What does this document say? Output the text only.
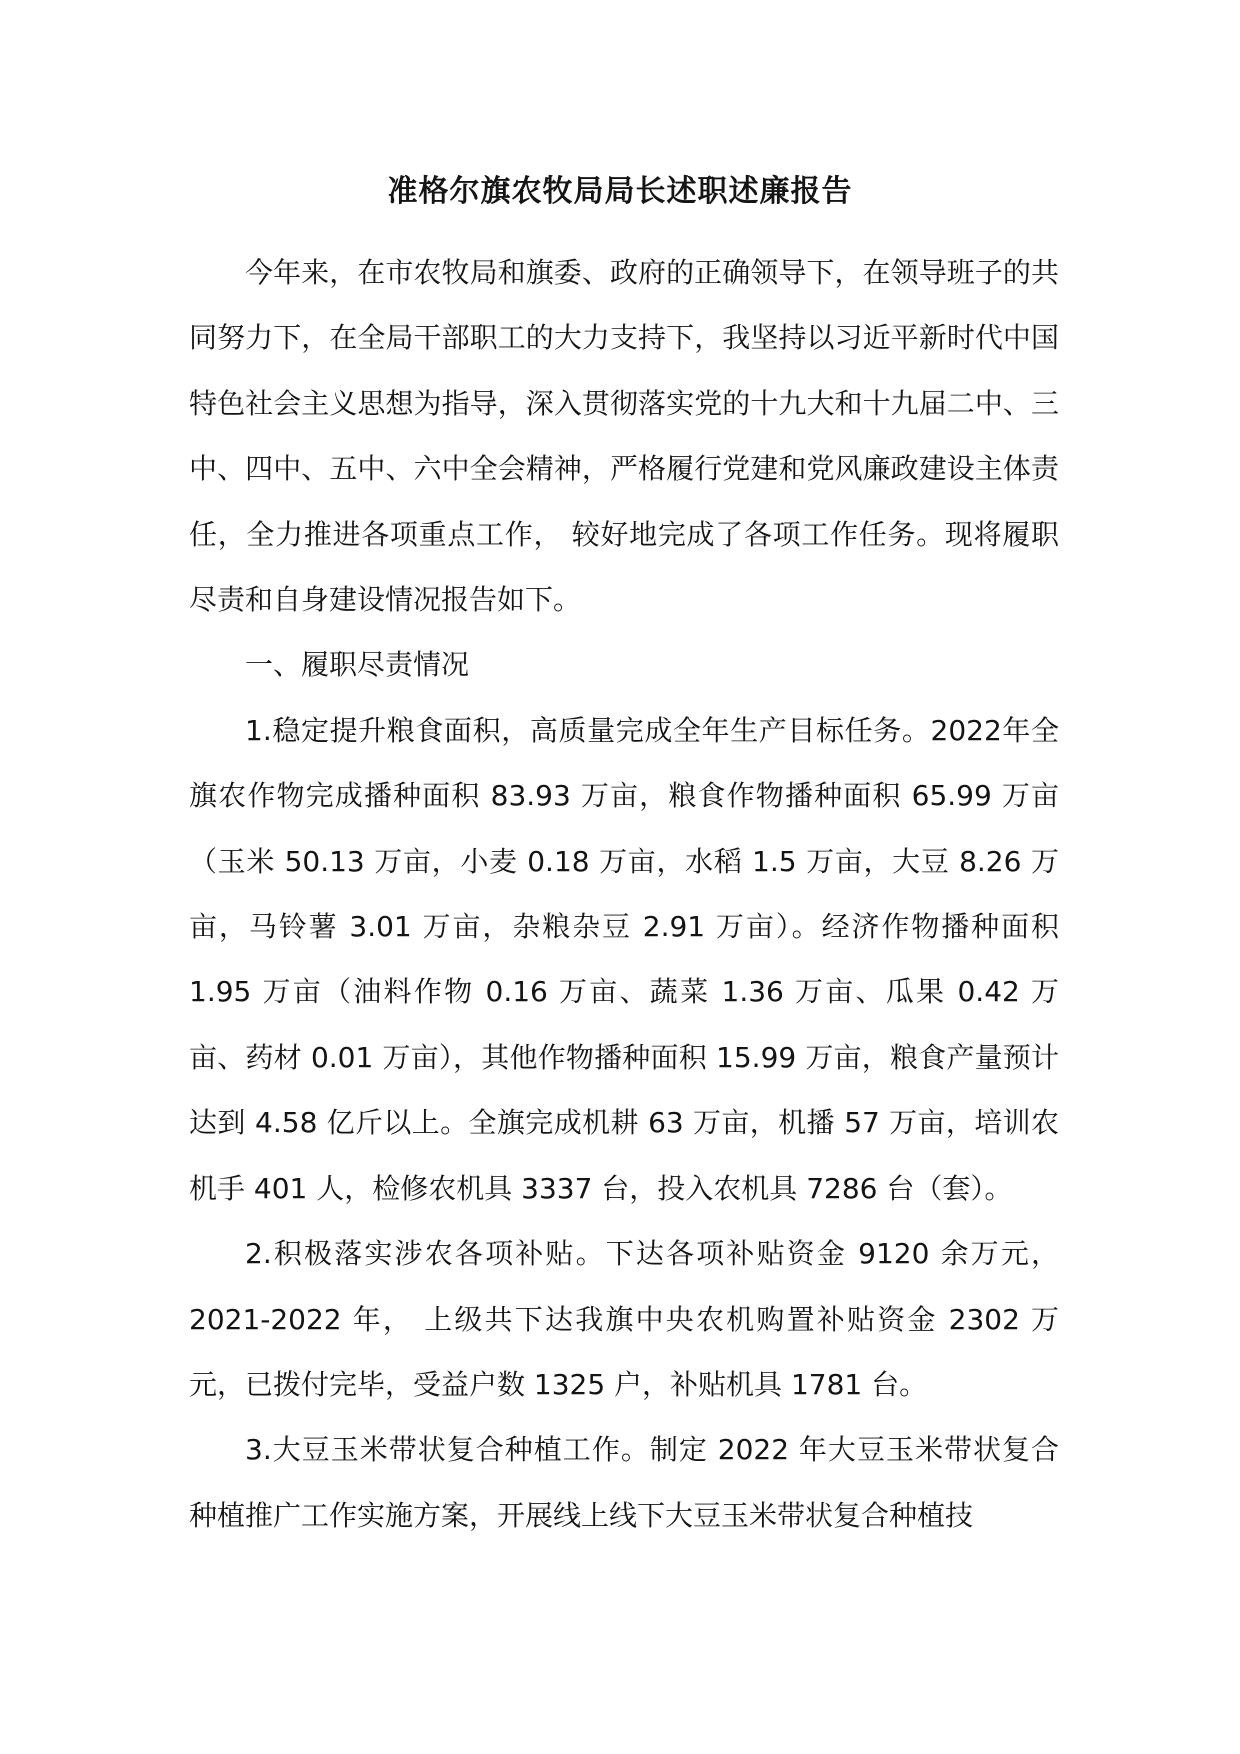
准格尔旗农牧局局长述职述廉报告

今年来，在市农牧局和旗委、政府的正确领导下，在领导班子的共同努力下，在全局干部职工的大力支持下，我坚持以习近平新时代中国特色社会主义思想为指导，深入贯彻落实党的十九大和十九届二中、三中、四中、五中、六中全会精神，严格履行党建和党风廉政建设主体责任，全力推进各项重点工作， 较好地完成了各项工作任务。现将履职尽责和自身建设情况报告如下。

一、履职尽责情况

1.稳定提升粮食面积，高质量完成全年生产目标任务。2022年全旗农作物完成播种面积 83.93 万亩，粮食作物播种面积 65.99 万亩（玉米 50.13 万亩，小麦 0.18 万亩，水稻 1.5 万亩，大豆 8.26 万亩，马铃薯 3.01 万亩，杂粮杂豆 2.91 万亩）。经济作物播种面积 1.95 万亩（油料作物 0.16 万亩、蔬菜 1.36 万亩、瓜果 0.42 万亩、药材 0.01 万亩），其他作物播种面积 15.99 万亩，粮食产量预计达到 4.58 亿斤以上。全旗完成机耕 63 万亩，机播 57 万亩，培训农机手 401 人，检修农机具 3337 台，投入农机具 7286 台（套）。

2.积极落实涉农各项补贴。下达各项补贴资金 9120 余万元，2021-2022 年， 上级共下达我旗中央农机购置补贴资金 2302 万元，已拨付完毕，受益户数 1325 户，补贴机具 1781 台。

3.大豆玉米带状复合种植工作。制定 2022 年大豆玉米带状复合种植推广工作实施方案，开展线上线下大豆玉米带状复合种植技
